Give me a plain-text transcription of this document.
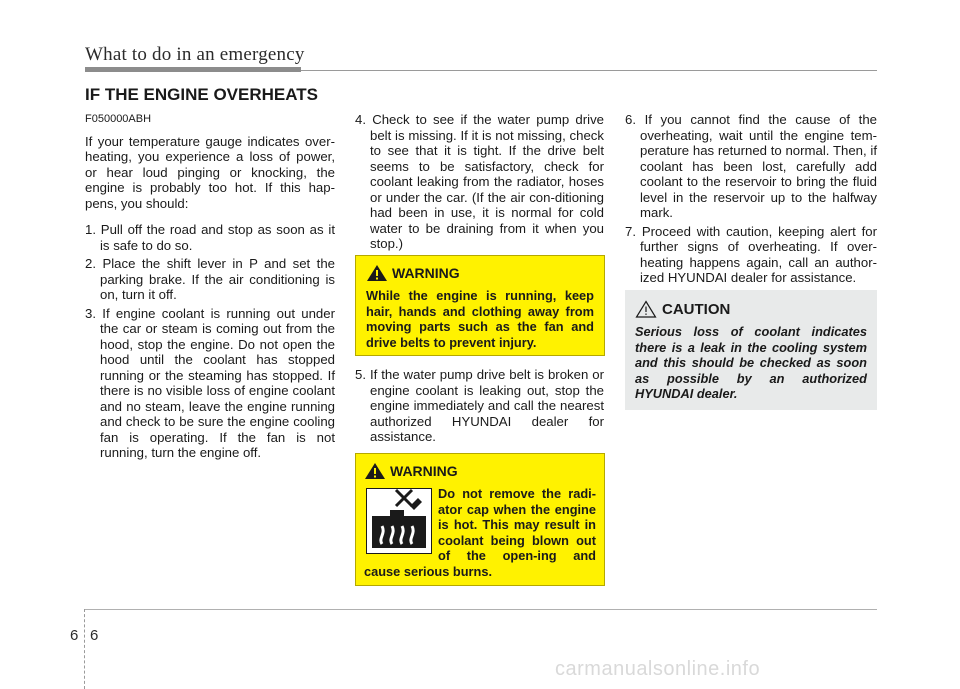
What to do in an emergency
IF THE ENGINE OVERHEATS

F050000ABH

If your temperature gauge indicates over-heating, you experience a loss of power, or hear loud pinging or knocking, the engine is probably too hot. If this hap-pens, you should:

1. Pull off the road and stop as soon as it is safe to do so.

2. Place the shift lever in P and set the parking brake. If the air conditioning is on, turn it off.

3. If engine coolant is running out under the car or steam is coming out from the hood, stop the engine. Do not open the hood until the coolant has stopped running or the steaming has stopped. If there is no visible loss of engine coolant and no steam, leave the engine running and check to be sure the engine cooling fan is operating. If the fan is not running, turn the engine off.

4. Check to see if the water pump drive belt is missing. If it is not missing, check to see that it is tight. If the drive belt seems to be satisfactory, check for coolant leaking from the radiator, hoses or under the car. (If the air con-ditioning had been in use, it is normal for cold water to be draining from it when you stop.)

WARNING
While the engine is running, keep hair, hands and clothing away from moving parts such as the fan and drive belts to prevent injury.

5. If the water pump drive belt is broken or engine coolant is leaking out, stop the engine immediately and call the nearest authorized HYUNDAI dealer for assistance.

WARNING
Do not remove the radi-ator cap when the engine is hot. This may result in coolant being blown out of the open-ing and cause serious burns.

6. If you cannot find the cause of the overheating, wait until the engine tem-perature has returned to normal. Then, if coolant has been lost, carefully add coolant to the reservoir to bring the fluid level in the reservoir up to the halfway mark.

7. Proceed with caution, keeping alert for further signs of overheating. If over-heating happens again, call an author-ized HYUNDAI dealer for assistance.

CAUTION
Serious loss of coolant indicates there is a leak in the cooling system and this should be checked as soon as possible by an authorized HYUNDAI dealer.
6 6
carmanualsonline.info
